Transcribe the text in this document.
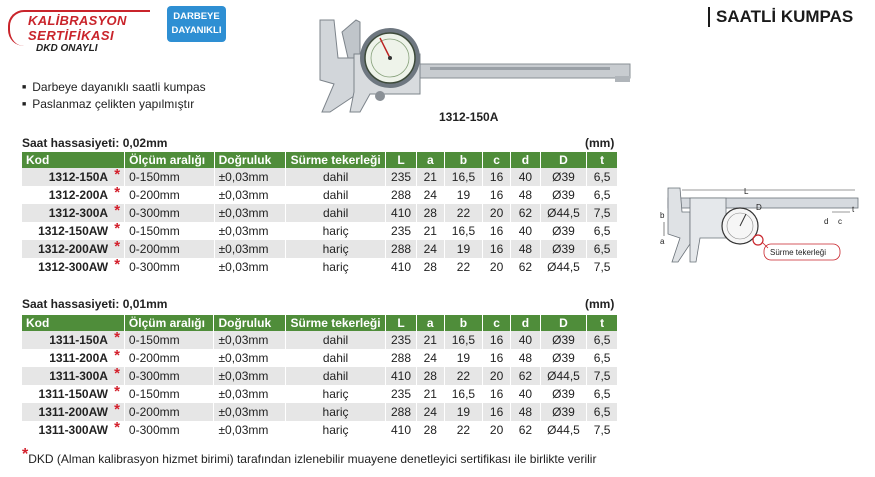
KALİBRASYON
SERTİFİKASI
DKD ONAYLI
DARBEYE
DAYANIKLI
SAATLİ KUMPAS
1312-150A
■ Darbeye dayanıklı saatli kumpas
■ Paslanmaz çelikten yapılmıştır
L
D
b
a
c
t
d
Sürme tekerleği
Saat hassasiyeti: 0,02mm	(mm)
Kod	Ölçüm aralığı	Doğruluk	Sürme tekerleği	L	a	b	c	d	D	t
1312-150A *	0-150mm	±0,03mm	dahil	235	21	16,5	16	40	Ø39	6,5
1312-200A *	0-200mm	±0,03mm	dahil	288	24	19	16	48	Ø39	6,5
1312-300A *	0-300mm	±0,03mm	dahil	410	28	22	20	62	Ø44,5	7,5
1312-150AW *	0-150mm	±0,03mm	hariç	235	21	16,5	16	40	Ø39	6,5
1312-200AW *	0-200mm	±0,03mm	hariç	288	24	19	16	48	Ø39	6,5
1312-300AW *	0-300mm	±0,03mm	hariç	410	28	22	20	62	Ø44,5	7,5
Saat hassasiyeti: 0,01mm	(mm)
Kod	Ölçüm aralığı	Doğruluk	Sürme tekerleği	L	a	b	c	d	D	t
1311-150A *	0-150mm	±0,03mm	dahil	235	21	16,5	16	40	Ø39	6,5
1311-200A *	0-200mm	±0,03mm	dahil	288	24	19	16	48	Ø39	6,5
1311-300A *	0-300mm	±0,03mm	dahil	410	28	22	20	62	Ø44,5	7,5
1311-150AW *	0-150mm	±0,03mm	hariç	235	21	16,5	16	40	Ø39	6,5
1311-200AW *	0-200mm	±0,03mm	hariç	288	24	19	16	48	Ø39	6,5
1311-300AW *	0-300mm	±0,03mm	hariç	410	28	22	20	62	Ø44,5	7,5
*DKD (Alman kalibrasyon hizmet birimi) tarafından izlenebilir muayene denetleyici sertifikası ile birlikte verilir
